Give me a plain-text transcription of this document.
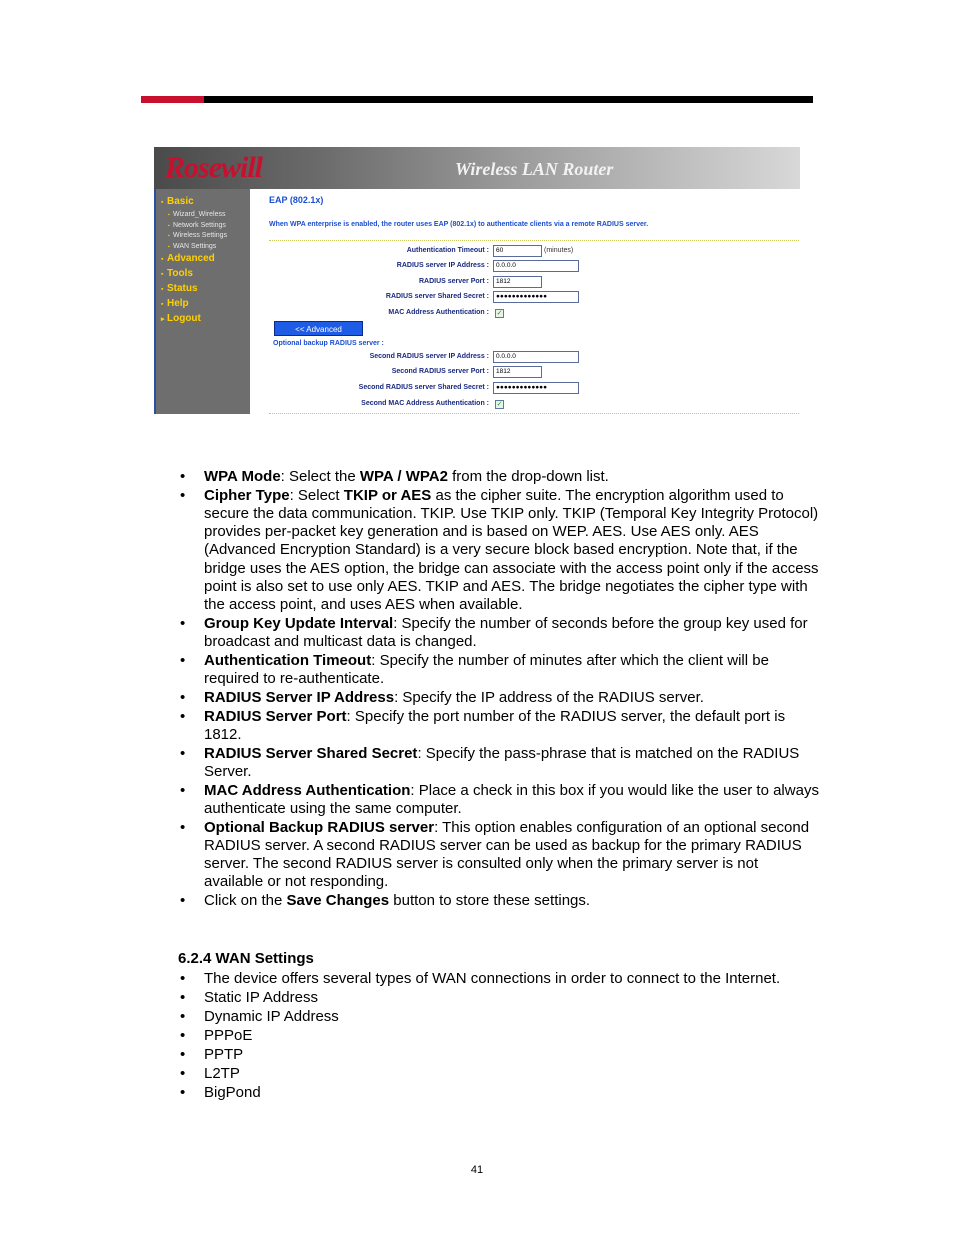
Rosewill	Wireless LAN Router
▪ Basic
▪ Wizard_Wireless
▪ Network Settings
▪ Wireless Settings
▪ WAN Settings
▪ Advanced
▪ Tools
▪ Status
▪ Help
▸ Logout
EAP (802.1x)
When WPA enterprise is enabled, the router uses EAP (802.1x) to authenticate clients via a remote RADIUS server.
Authentication Timeout :	60	(minutes)
RADIUS server IP Address :	0.0.0.0
RADIUS server Port :	1812
RADIUS server Shared Secret :	●●●●●●●●●●●●●
MAC Address Authentication : ✓
<< Advanced
Optional backup RADIUS server :
Second RADIUS server IP Address :	0.0.0.0
Second RADIUS server Port :	1812
Second RADIUS server Shared Secret :	●●●●●●●●●●●●●
Second MAC Address Authentication : ✓
• WPA Mode: Select the WPA / WPA2 from the drop-down list.
• Cipher Type: Select TKIP or AES as the cipher suite. The encryption algorithm used to secure the data communication. TKIP. Use TKIP only. TKIP (Temporal Key Integrity Protocol) provides per-packet key generation and is based on WEP. AES. Use AES only. AES (Advanced Encryption Standard) is a very secure block based encryption. Note that, if the bridge uses the AES option, the bridge can associate with the access point only if the access point is also set to use only AES. TKIP and AES. The bridge negotiates the cipher type with the access point, and uses AES when available.
• Group Key Update Interval: Specify the number of seconds before the group key used for broadcast and multicast data is changed.
• Authentication Timeout: Specify the number of minutes after which the client will be required to re-authenticate.
• RADIUS Server IP Address: Specify the IP address of the RADIUS server.
• RADIUS Server Port: Specify the port number of the RADIUS server, the default port is 1812.
• RADIUS Server Shared Secret: Specify the pass-phrase that is matched on the RADIUS Server.
• MAC Address Authentication: Place a check in this box if you would like the user to always authenticate using the same computer.
• Optional Backup RADIUS server: This option enables configuration of an optional second RADIUS server. A second RADIUS server can be used as backup for the primary RADIUS server. The second RADIUS server is consulted only when the primary server is not available or not responding.
• Click on the Save Changes button to store these settings.
6.2.4 WAN Settings
• The device offers several types of WAN connections in order to connect to the Internet.
• Static IP Address
• Dynamic IP Address
• PPPoE
• PPTP
• L2TP
• BigPond
41
